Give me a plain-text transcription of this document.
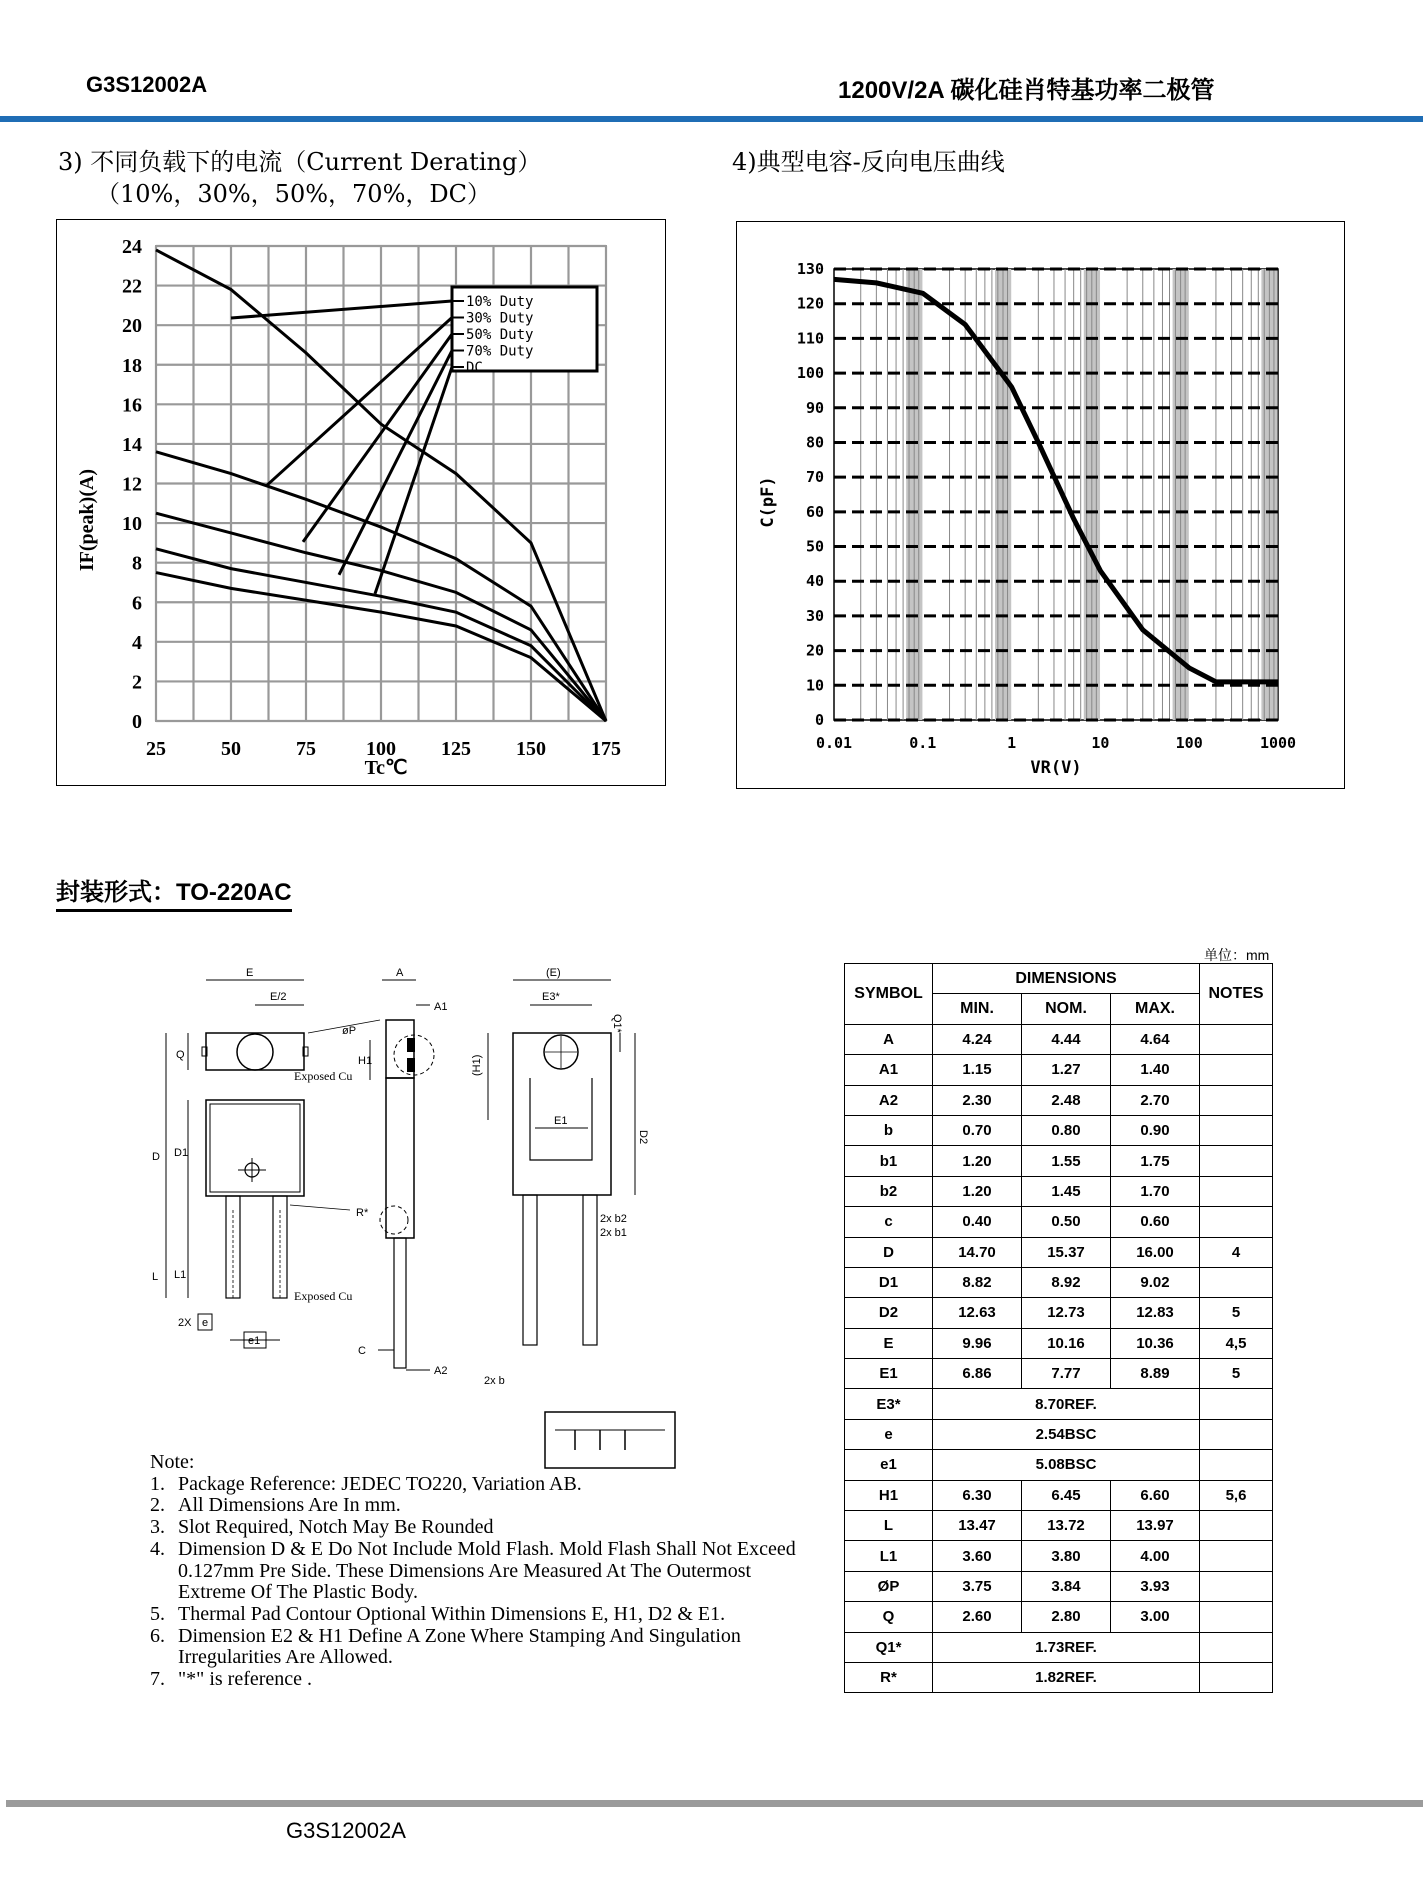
G3S12002A	1200V/2A 碳化硅肖特基功率二极管
3) 不同负载下的电流（Current Derating）
（10%，30%，50%，70%，DC）
4)典型电容-反向电压曲线
0
2
4
6
8
10
12
14
16
18
20
22
24
25	50	75	100 125 150 175
Tc℃
IF(peak)(A)
10% Duty
30% Duty
50% Duty
70% Duty
DC
0
10
20
30
40
50
60
70
80
90
100
110
120
130
0.01	0.1	1	10	100	1000
VR(V)
C(pF)
封装形式：TO-220AC
单位：mm
E
E/2
øP
Exposed Cu
Q
D D1
R*
L L1
Exposed Cu
2X e
e1
A
A1
H1
C
A2
(E)
E3*
Q1*
(H1)
D2
E1
2x b2
2x b1
2x b
Note:
1. Package Reference: JEDEC TO220, Variation AB.
2. All Dimensions Are In mm.
3. Slot Required, Notch May Be Rounded
4. Dimension D & E Do Not Include Mold Flash. Mold Flash Shall Not Exceed 0.127mm Pre Side. These Dimensions Are Measured At The Outermost Extreme Of The Plastic Body.
5. Thermal Pad Contour Optional Within Dimensions E, H1, D2 & E1.
6. Dimension E2 & H1 Define A Zone Where Stamping And Singulation Irregularities Are Allowed.
7. "*" is reference .
SYMBOL	DIMENSIONS			NOTES
	MIN.	NOM.	MAX.	
A	4.24	4.44	4.64	
A1	1.15	1.27	1.40	
A2	2.30	2.48	2.70	
b	0.70	0.80	0.90	
b1	1.20	1.55	1.75	
b2	1.20	1.45	1.70	
c	0.40	0.50	0.60	
D	14.70	15.37	16.00	4
D1	8.82	8.92	9.02	
D2	12.63	12.73	12.83	5
E	9.96	10.16	10.36	4,5
E1	6.86	7.77	8.89	5
E3*	8.70REF.			
e	2.54BSC			
e1	5.08BSC			
H1	6.30	6.45	6.60	5,6
L	13.47	13.72	13.97	
L1	3.60	3.80	4.00	
ØP	3.75	3.84	3.93	
Q	2.60	2.80	3.00	
Q1*	1.73REF.			
R*	1.82REF.			
G3S12002A
